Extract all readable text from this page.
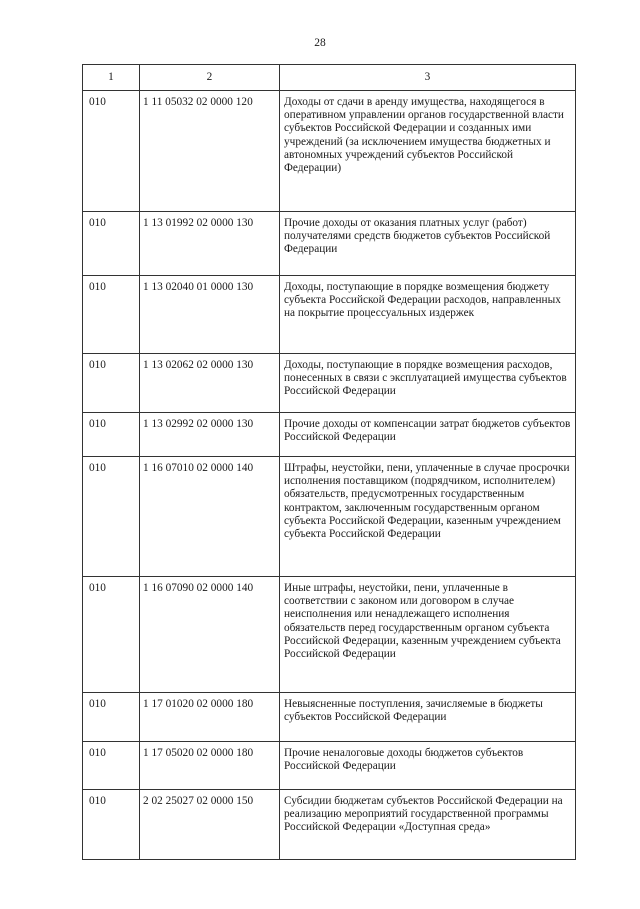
28
1	2	3
010	1 11 05032 02 0000 120	Доходы от сдачи в аренду имущества, находящегося в оперативном управлении органов государственной власти субъектов Российской Федерации и созданных ими учреждений (за исключением имущества бюджетных и автономных учреждений субъектов Российской Федерации)
010	1 13 01992 02 0000 130	Прочие доходы от оказания платных услуг (работ) получателями средств бюджетов субъектов Российской Федерации
010	1 13 02040 01 0000 130	Доходы, поступающие в порядке возмещения бюджету субъекта Российской Федерации расходов, направленных на покрытие процессуальных издержек
010	1 13 02062 02 0000 130	Доходы, поступающие в порядке возмещения расходов, понесенных в связи с эксплуатацией имущества субъектов Российской Федерации
010	1 13 02992 02 0000 130	Прочие доходы от компенсации затрат бюджетов субъектов Российской Федерации
010	1 16 07010 02 0000 140	Штрафы, неустойки, пени, уплаченные в случае просрочки исполнения поставщиком (подрядчиком, исполнителем) обязательств, предусмотренных государственным контрактом, заключенным государственным органом субъекта Российской Федерации, казенным учреждением субъекта Российской Федерации
010	1 16 07090 02 0000 140	Иные штрафы, неустойки, пени, уплаченные в соответствии с законом или договором в случае неисполнения или ненадлежащего исполнения обязательств перед государственным органом субъекта Российской Федерации, казенным учреждением субъекта Российской Федерации
010	1 17 01020 02 0000 180	Невыясненные поступления, зачисляемые в бюджеты субъектов Российской Федерации
010	1 17 05020 02 0000 180	Прочие неналоговые доходы бюджетов субъектов Российской Федерации
010	2 02 25027 02 0000 150	Субсидии бюджетам субъектов Российской Федерации на реализацию мероприятий государственной программы Российской Федерации «Доступная среда»
